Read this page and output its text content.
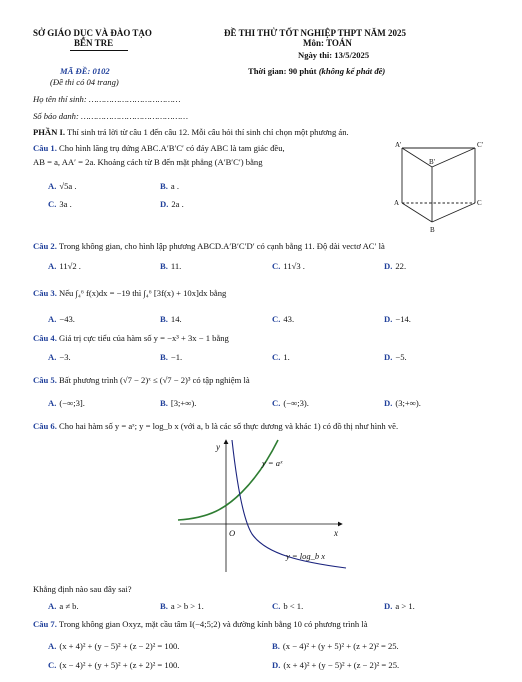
SỞ GIÁO DỤC VÀ ĐÀO TẠO
BẾN TRE
ĐỀ THI THỬ TỐT NGHIỆP THPT NĂM 2025
Môn: TOÁN
Ngày thi: 13/5/2025
MÃ ĐỀ: 0102	Thời gian: 90 phút (không kể phát đề)
(Đề thi có 04 trang)
Họ tên thí sinh: ………………………………
Số báo danh: ……………………………………
PHẦN I. Thí sinh trả lời từ câu 1 đến câu 12. Mỗi câu hỏi thí sinh chỉ chọn một phương án.
Câu 1. Cho hình lăng trụ đứng ABC.A′B′C′ có đáy ABC là tam giác đều,
AB = a, AA′ = 2a. Khoảng cách từ B đến mặt phẳng (A′B′C′) bằng
A. √5a .	B. a .
C. 3a .	D. 2a .
A'
B'
C'
A
B
C
Câu 2. Trong không gian, cho hình lập phương ABCD.A′B′C′D′ có cạnh bằng 11. Độ dài vectơ AC′ là
A. 11√2 .	B. 11.	C. 11√3 .	D. 22.
Câu 3. Nếu ∫₄⁶ f(x)dx = −19 thì ∫₄⁶ [3f(x) + 10x]dx bằng
A. −43.	B. 14.	C. 43.	D. −14.
Câu 4. Giá trị cực tiểu của hàm số y = −x³ + 3x − 1 bằng
A. −3.	B. −1.	C. 1.	D. −5.
Câu 5. Bất phương trình (√7 − 2)ˣ ≤ (√7 − 2)³ có tập nghiệm là
A. (−∞;3].	B. [3;+∞).	C. (−∞;3).	D. (3;+∞).
Câu 6. Cho hai hàm số y = aˣ; y = log_b x (với a, b là các số thực dương và khác 1) có đồ thị như hình vẽ.
y
x
O
y = aˣ
y = log_b x
Khẳng định nào sau đây sai?
A. a ≠ b.	B. a > b > 1.	C. b < 1.	D. a > 1.
Câu 7. Trong không gian Oxyz, mặt cầu tâm I(−4;5;2) và đường kính bằng 10 có phương trình là
A. (x + 4)² + (y − 5)² + (z − 2)² = 100.	B. (x − 4)² + (y + 5)² + (z + 2)² = 25.
C. (x − 4)² + (y + 5)² + (z + 2)² = 100.	D. (x + 4)² + (y − 5)² + (z − 2)² = 25.
